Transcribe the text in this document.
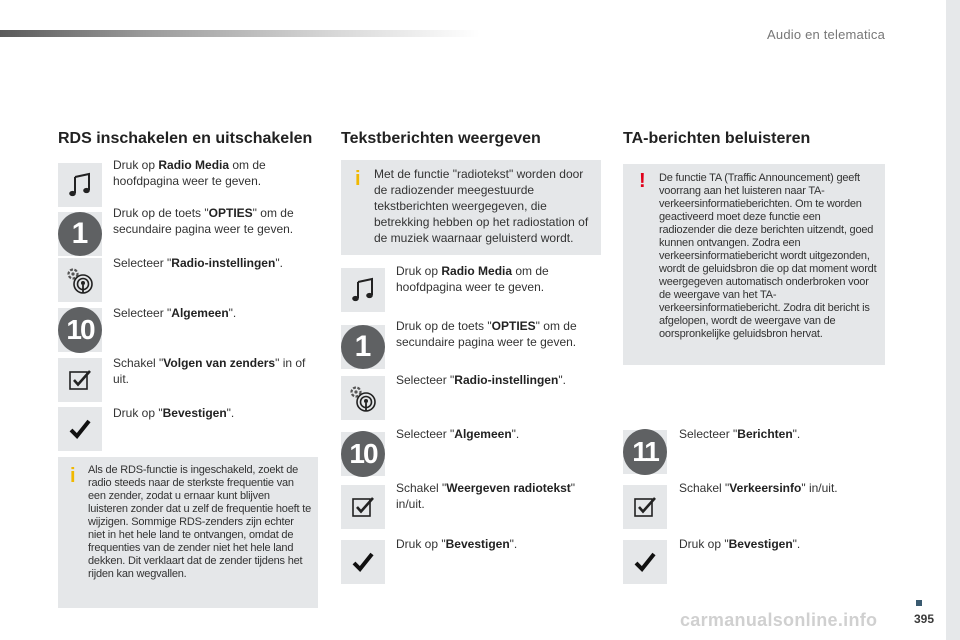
Audio en telematica
RDS inschakelen en uitschakelen
Druk op Radio Media om de hoofdpagina weer te geven.
1
Druk op de toets "OPTIES" om de secundaire pagina weer te geven.
Selecteer "Radio-instellingen".
10
Selecteer "Algemeen".
Schakel "Volgen van zenders" in of uit.
Druk op "Bevestigen".
i Als de RDS-functie is ingeschakeld, zoekt de radio steeds naar de sterkste frequentie van een zender, zodat u ernaar kunt blijven luisteren zonder dat u zelf de frequentie hoeft te wijzigen. Sommige RDS-zenders zijn echter niet in het hele land te ontvangen, omdat de frequenties van de zender niet het hele land dekken. Dit verklaart dat de zender tijdens het rijden kan wegvallen.
Tekstberichten weergeven
i Met de functie "radiotekst" worden door de radiozender meegestuurde tekstberichten weergegeven, die betrekking hebben op het radiostation of de muziek waarnaar geluisterd wordt.
Druk op Radio Media om de hoofdpagina weer te geven.
1
Druk op de toets "OPTIES" om de secundaire pagina weer te geven.
Selecteer "Radio-instellingen".
10
Selecteer "Algemeen".
Schakel "Weergeven radiotekst" in/uit.
Druk op "Bevestigen".
TA-berichten beluisteren
! De functie TA (Traffic Announcement) geeft voorrang aan het luisteren naar TA-verkeersinformatieberichten. Om te worden geactiveerd moet deze functie een radiozender die deze berichten uitzendt, goed kunnen ontvangen. Zodra een verkeersinformatiebericht wordt uitgezonden, wordt de geluidsbron die op dat moment wordt weergegeven automatisch onderbroken voor de weergave van het TA-verkeersinformatiebericht. Zodra dit bericht is afgelopen, wordt de weergave van de oorspronkelijke geluidsbron hervat.
11
Selecteer "Berichten".
Schakel "Verkeersinfo" in/uit.
Druk op "Bevestigen".
395
carmanualsonline.info
